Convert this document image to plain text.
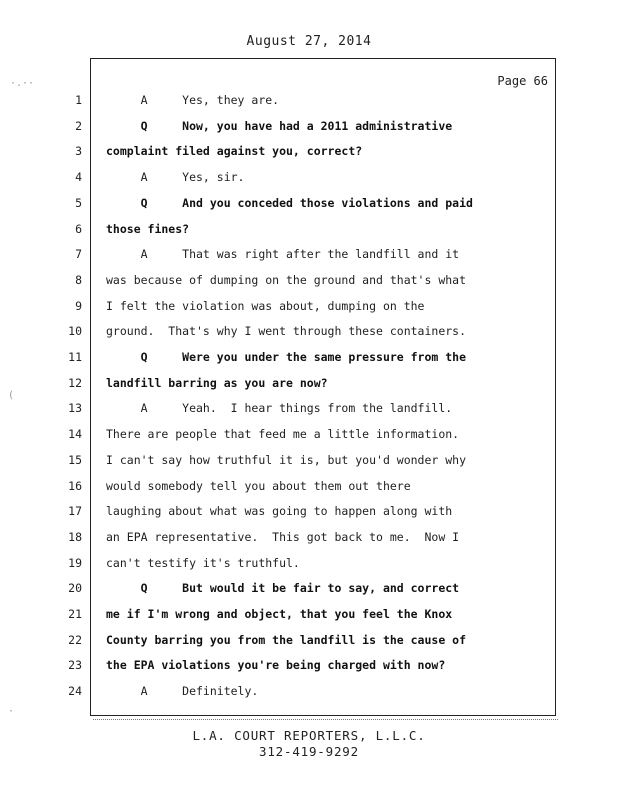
August 27, 2014
Page 66
1 A     Yes, they are.
2 Q     Now, you have had a 2011 administrative
3 complaint filed against you, correct?
4 A     Yes, sir.
5 Q     And you conceded those violations and paid
6 those fines?
7 A     That was right after the landfill and it
8 was because of dumping on the ground and that's what
9 I felt the violation was about, dumping on the
10 ground.  That's why I went through these containers.
11 Q     Were you under the same pressure from the
12 landfill barring as you are now?
13 A     Yeah.  I hear things from the landfill.
14 There are people that feed me a little information.
15 I can't say how truthful it is, but you'd wonder why
16 would somebody tell you about them out there
17 laughing about what was going to happen along with
18 an EPA representative.  This got back to me.  Now I
19 can't testify it's truthful.
20 Q     But would it be fair to say, and correct
21 me if I'm wrong and object, that you feel the Knox
22 County barring you from the landfill is the cause of
23 the EPA violations you're being charged with now?
24 A     Definitely.
L.A. COURT REPORTERS, L.L.C.
312-419-9292
·.··
(
·
